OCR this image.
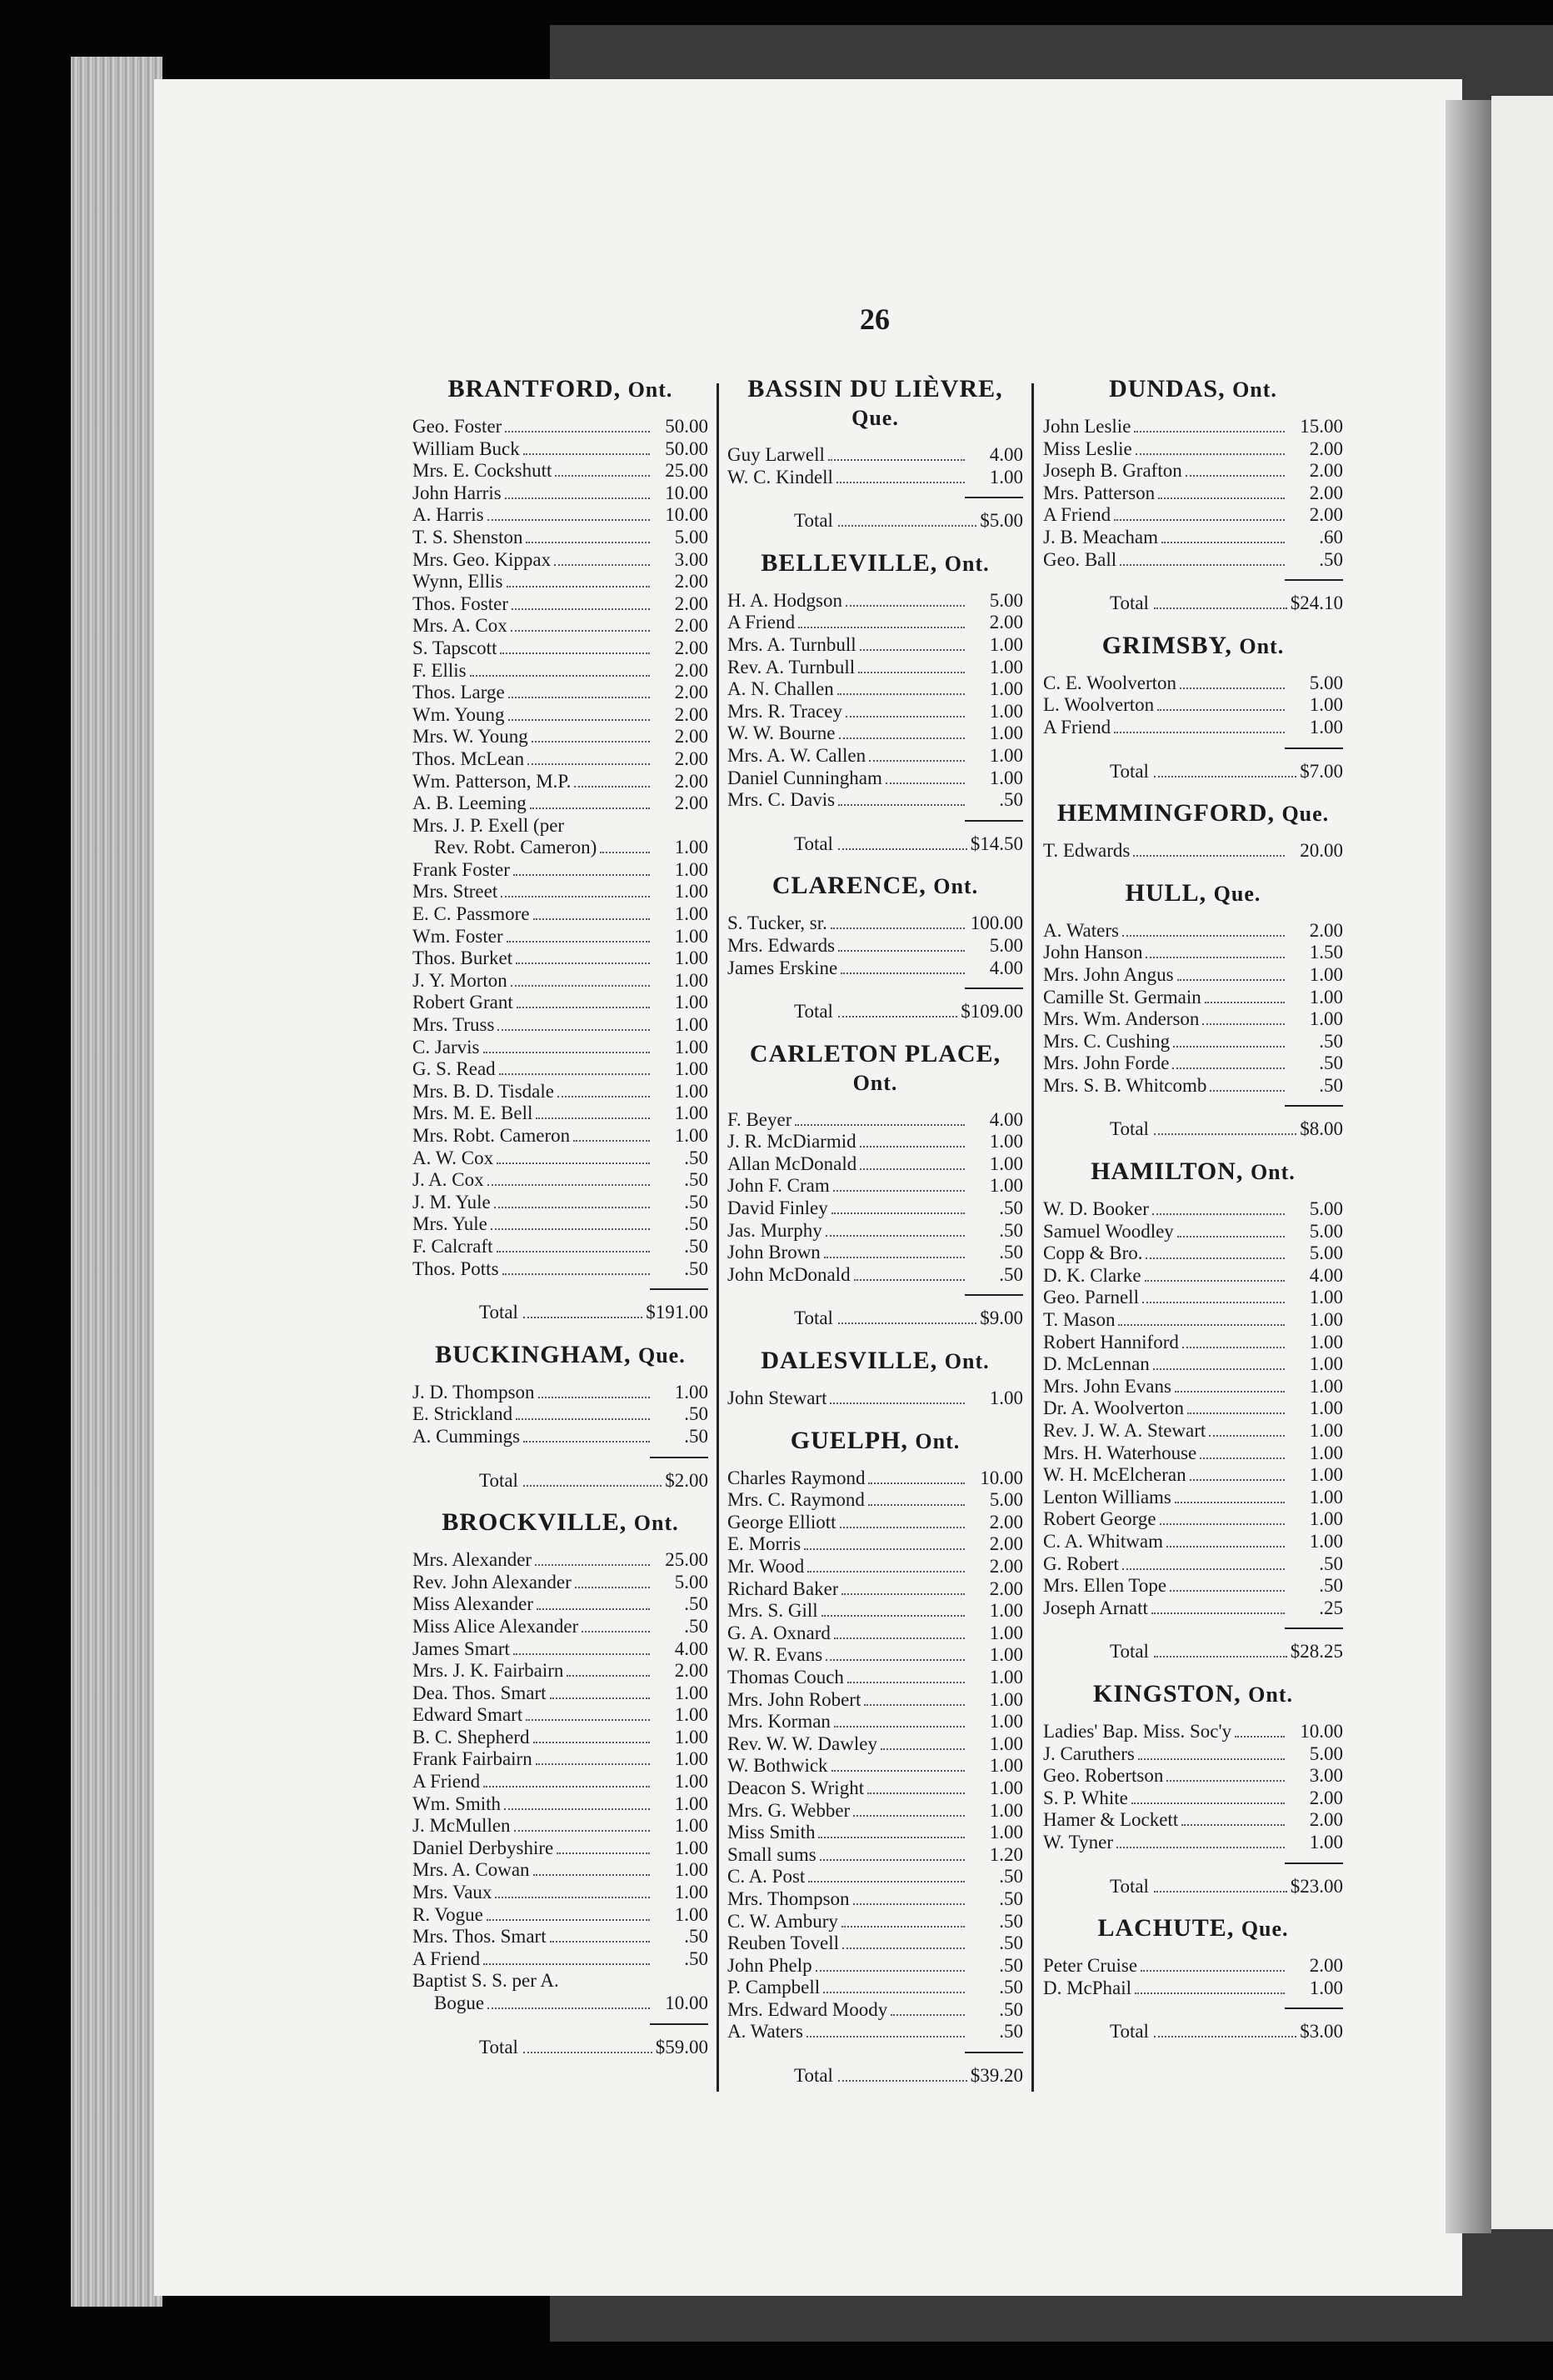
26
BRANTFORD, Ont.
Geo. Foster	50.00
William Buck	50.00
Mrs. E. Cockshutt	25.00
John Harris	10.00
A. Harris	10.00
T. S. Shenston	5.00
Mrs. Geo. Kippax	3.00
Wynn, Ellis	2.00
Thos. Foster	2.00
Mrs. A. Cox	2.00
S. Tapscott	2.00
F. Ellis	2.00
Thos. Large	2.00
Wm. Young	2.00
Mrs. W. Young	2.00
Thos. McLean	2.00
Wm. Patterson, M.P.	2.00
A. B. Leeming	2.00
Mrs. J. P. Exell (per
Rev. Robt. Cameron)	1.00
Frank Foster	1.00
Mrs. Street	1.00
E. C. Passmore	1.00
Wm. Foster	1.00
Thos. Burket	1.00
J. Y. Morton	1.00
Robert Grant	1.00
Mrs. Truss	1.00
C. Jarvis	1.00
G. S. Read	1.00
Mrs. B. D. Tisdale	1.00
Mrs. M. E. Bell	1.00
Mrs. Robt. Cameron	1.00
A. W. Cox	.50
J. A. Cox	.50
J. M. Yule	.50
Mrs. Yule	.50
F. Calcraft	.50
Thos. Potts	.50
Total	$191.00
BUCKINGHAM, Que.
J. D. Thompson	1.00
E. Strickland	.50
A. Cummings	.50
Total	$2.00
BROCKVILLE, Ont.
Mrs. Alexander	25.00
Rev. John Alexander	5.00
Miss Alexander	.50
Miss Alice Alexander	.50
James Smart	4.00
Mrs. J. K. Fairbairn	2.00
Dea. Thos. Smart	1.00
Edward Smart	1.00
B. C. Shepherd	1.00
Frank Fairbairn	1.00
A Friend	1.00
Wm. Smith	1.00
J. McMullen	1.00
Daniel Derbyshire	1.00
Mrs. A. Cowan	1.00
Mrs. Vaux	1.00
R. Vogue	1.00
Mrs. Thos. Smart	.50
A Friend	.50
Baptist S. S. per A.
Bogue	10.00
Total	$59.00
BASSIN DU LIÈVRE,
Que.
Guy Larwell	4.00
W. C. Kindell	1.00
Total	$5.00
BELLEVILLE, Ont.
H. A. Hodgson	5.00
A Friend	2.00
Mrs. A. Turnbull	1.00
Rev. A. Turnbull	1.00
A. N. Challen	1.00
Mrs. R. Tracey	1.00
W. W. Bourne	1.00
Mrs. A. W. Callen	1.00
Daniel Cunningham	1.00
Mrs. C. Davis	.50
Total	$14.50
CLARENCE, Ont.
S. Tucker, sr.	100.00
Mrs. Edwards	5.00
James Erskine	4.00
Total	$109.00
CARLETON PLACE,
Ont.
F. Beyer	4.00
J. R. McDiarmid	1.00
Allan McDonald	1.00
John F. Cram	1.00
David Finley	.50
Jas. Murphy	.50
John Brown	.50
John McDonald	.50
Total	$9.00
DALESVILLE, Ont.
John Stewart	1.00
GUELPH, Ont.
Charles Raymond	10.00
Mrs. C. Raymond	5.00
George Elliott	2.00
E. Morris	2.00
Mr. Wood	2.00
Richard Baker	2.00
Mrs. S. Gill	1.00
G. A. Oxnard	1.00
W. R. Evans	1.00
Thomas Couch	1.00
Mrs. John Robert	1.00
Mrs. Korman	1.00
Rev. W. W. Dawley	1.00
W. Bothwick	1.00
Deacon S. Wright	1.00
Mrs. G. Webber	1.00
Miss Smith	1.00
Small sums	1.20
C. A. Post	.50
Mrs. Thompson	.50
C. W. Ambury	.50
Reuben Tovell	.50
John Phelp	.50
P. Campbell	.50
Mrs. Edward Moody	.50
A. Waters	.50
Total	$39.20
DUNDAS, Ont.
John Leslie	15.00
Miss Leslie	2.00
Joseph B. Grafton	2.00
Mrs. Patterson	2.00
A Friend	2.00
J. B. Meacham	.60
Geo. Ball	.50
Total	$24.10
GRIMSBY, Ont.
C. E. Woolverton	5.00
L. Woolverton	1.00
A Friend	1.00
Total	$7.00
HEMMINGFORD, Que.
T. Edwards	20.00
HULL, Que.
A. Waters	2.00
John Hanson	1.50
Mrs. John Angus	1.00
Camille St. Germain	1.00
Mrs. Wm. Anderson	1.00
Mrs. C. Cushing	.50
Mrs. John Forde	.50
Mrs. S. B. Whitcomb	.50
Total	$8.00
HAMILTON, Ont.
W. D. Booker	5.00
Samuel Woodley	5.00
Copp & Bro.	5.00
D. K. Clarke	4.00
Geo. Parnell	1.00
T. Mason	1.00
Robert Hanniford	1.00
D. McLennan	1.00
Mrs. John Evans	1.00
Dr. A. Woolverton	1.00
Rev. J. W. A. Stewart	1.00
Mrs. H. Waterhouse	1.00
W. H. McElcheran	1.00
Lenton Williams	1.00
Robert George	1.00
C. A. Whitwam	1.00
G. Robert	.50
Mrs. Ellen Tope	.50
Joseph Arnatt	.25
Total	$28.25
KINGSTON, Ont.
Ladies' Bap. Miss. Soc'y	10.00
J. Caruthers	5.00
Geo. Robertson	3.00
S. P. White	2.00
Hamer & Lockett	2.00
W. Tyner	1.00
Total	$23.00
LACHUTE, Que.
Peter Cruise	2.00
D. McPhail	1.00
Total	$3.00
